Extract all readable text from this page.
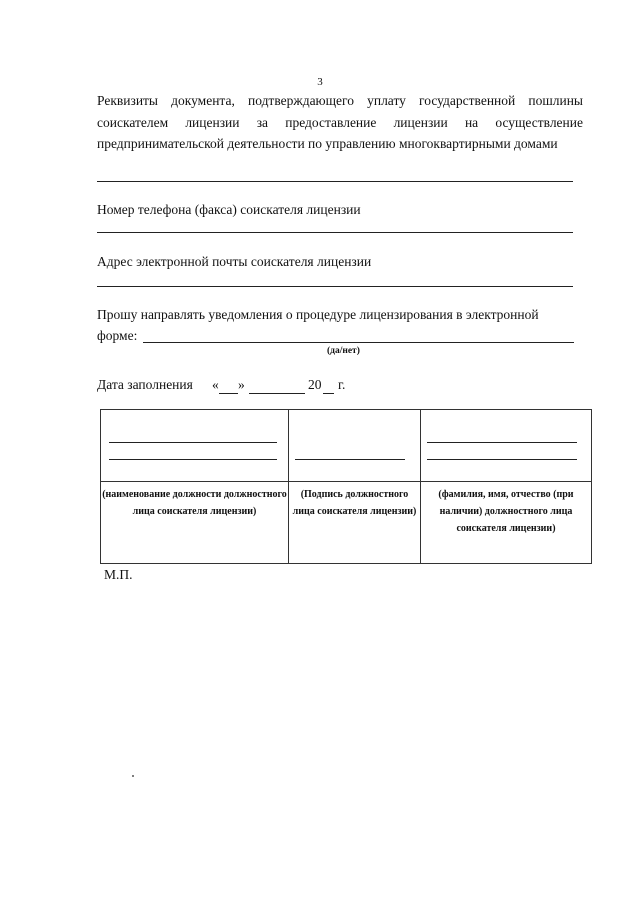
3
Реквизиты документа, подтверждающего уплату государственной пошлины соискателем лицензии за предоставление лицензии на осуществление предпринимательской деятельности по управлению многоквартирными домами
Номер телефона (факса) соискателя лицензии
Адрес электронной почты соискателя лицензии
Прошу направлять уведомления о процедуре лицензирования в электронной
форме:
(да/нет)
Дата заполнения « »	20 г.

(наименование должности должностного лица соискателя лицензии)	(Подпись должностного лица соискателя лицензии)	(фамилия, имя, отчество (при наличии) должностного лица соискателя лицензии)
М.П.
